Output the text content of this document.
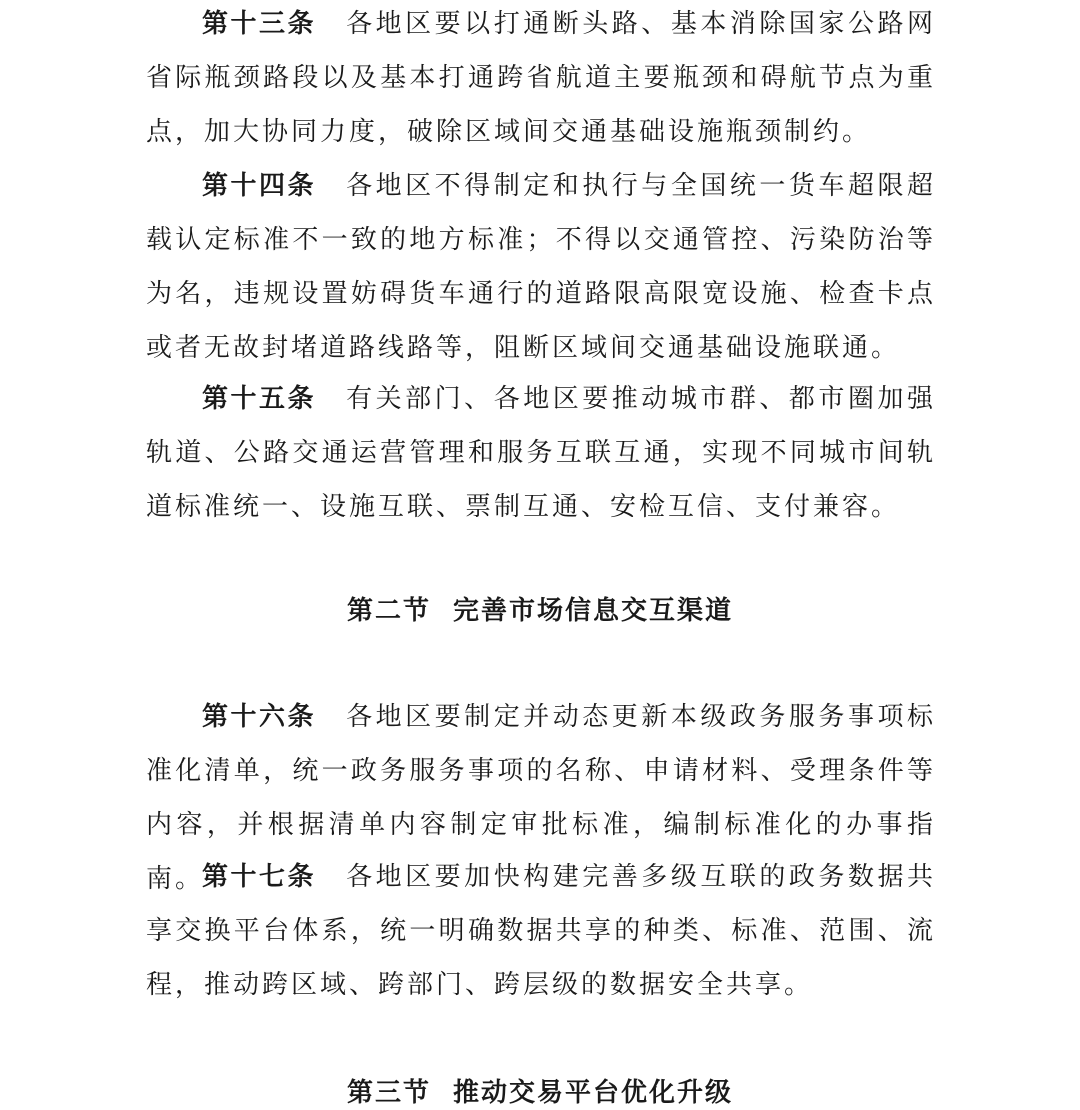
第十三条 各地区要以打通断头路、基本消除国家公路网省际瓶颈路段以及基本打通跨省航道主要瓶颈和碍航节点为重点，加大协同力度，破除区域间交通基础设施瓶颈制约。

第十四条 各地区不得制定和执行与全国统一货车超限超载认定标准不一致的地方标准；不得以交通管控、污染防治等为名，违规设置妨碍货车通行的道路限高限宽设施、检查卡点或者无故封堵道路线路等，阻断区域间交通基础设施联通。

第十五条 有关部门、各地区要推动城市群、都市圈加强轨道、公路交通运营管理和服务互联互通，实现不同城市间轨道标准统一、设施互联、票制互通、安检互信、支付兼容。

第二节 完善市场信息交互渠道

第十六条 各地区要制定并动态更新本级政务服务事项标准化清单，统一政务服务事项的名称、申请材料、受理条件等内容，并根据清单内容制定审批标准，编制标准化的办事指南。

第十七条 各地区要加快构建完善多级互联的政务数据共享交换平台体系，统一明确数据共享的种类、标准、范围、流程，推动跨区域、跨部门、跨层级的数据安全共享。

第三节 推动交易平台优化升级
